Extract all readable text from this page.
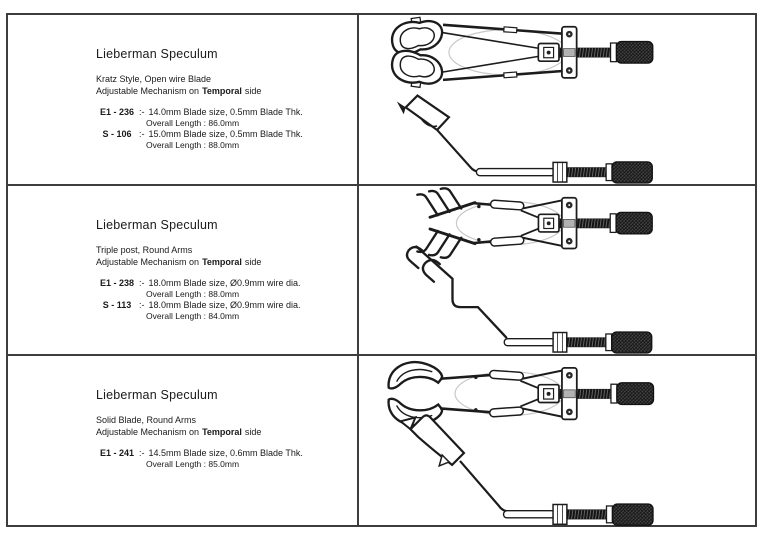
Lieberman Speculum
Kratz Style, Open wire Blade
Adjustable Mechanism on Temporal side
E1 - 236 :- 14.0mm Blade size, 0.5mm Blade Thk.
Overall Length : 86.0mm
S - 106 :- 15.0mm Blade size, 0.5mm Blade Thk.
Overall Length : 88.0mm
Lieberman Speculum
Triple post, Round Arms
Adjustable Mechanism on Temporal side
E1 - 238 :- 18.0mm Blade size, Ø0.9mm wire dia.
Overall Length : 88.0mm
S - 113 :- 18.0mm Blade size, Ø0.9mm wire dia.
Overall Length : 84.0mm
Lieberman Speculum
Solid Blade, Round Arms
Adjustable Mechanism on Temporal side
E1 - 241 :- 14.5mm Blade size, 0.6mm Blade Thk.
Overall Length : 85.0mm
